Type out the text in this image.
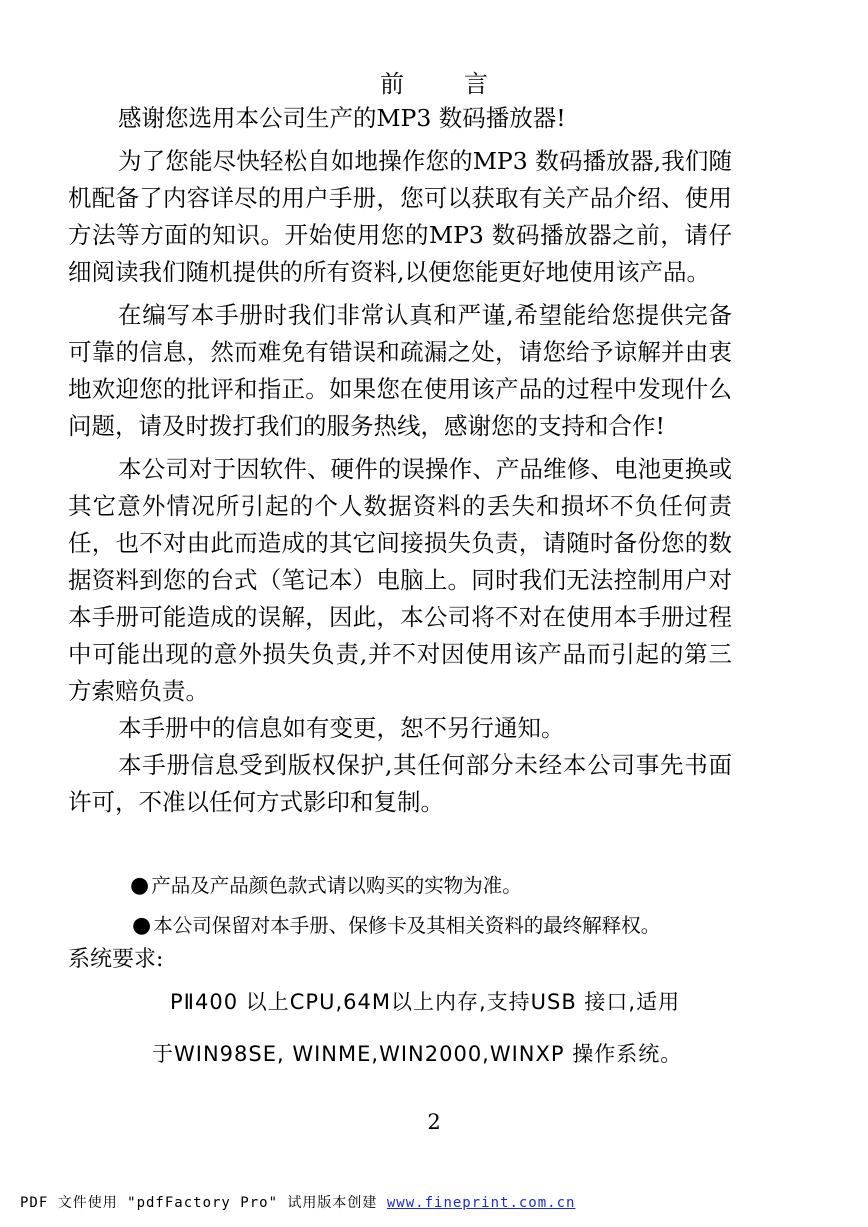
前言

感谢您选用本公司生产的MP3 数码播放器!

为了您能尽快轻松自如地操作您的MP3 数码播放器,我们随机配备了内容详尽的用户手册，您可以获取有关产品介绍、使用方法等方面的知识。开始使用您的MP3 数码播放器之前，请仔细阅读我们随机提供的所有资料,以便您能更好地使用该产品。

在编写本手册时我们非常认真和严谨,希望能给您提供完备可靠的信息，然而难免有错误和疏漏之处，请您给予谅解并由衷地欢迎您的批评和指正。如果您在使用该产品的过程中发现什么问题，请及时拨打我们的服务热线，感谢您的支持和合作!

本公司对于因软件、硬件的误操作、产品维修、电池更换或其它意外情况所引起的个人数据资料的丢失和损坏不负任何责任，也不对由此而造成的其它间接损失负责，请随时备份您的数据资料到您的台式（笔记本）电脑上。同时我们无法控制用户对本手册可能造成的误解，因此，本公司将不对在使用本手册过程中可能出现的意外损失负责,并不对因使用该产品而引起的第三方索赔负责。

本手册中的信息如有变更，恕不另行通知。

本手册信息受到版权保护,其任何部分未经本公司事先书面许可，不准以任何方式影印和复制。

● 产品及产品颜色款式请以购买的实物为准。
● 本公司保留对本手册、保修卡及其相关资料的最终解释权。
系统要求:
PⅡ400 以上CPU,64M以上内存,支持USB 接口,适用
于WIN98SE, WINME,WIN2000,WINXP 操作系统。
2
PDF 文件使用 "pdfFactory Pro" 试用版本创建 www.fineprint.com.cn
